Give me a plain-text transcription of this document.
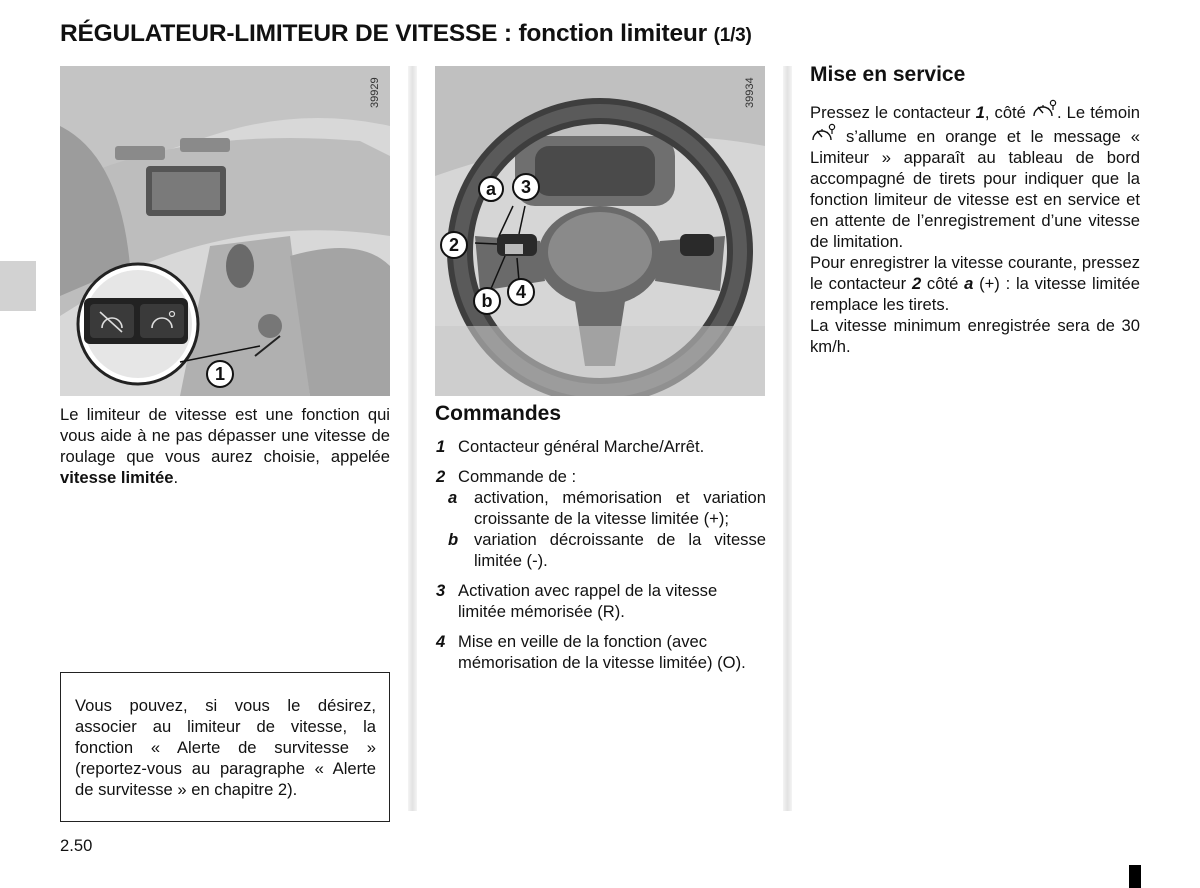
RÉGULATEUR-LIMITEUR DE VITESSE : fonction limiteur (1/3)
39929
1
39934
a	3
2
b	4
Le limiteur de vitesse est une fonction qui vous aide à ne pas dépasser une vitesse de roulage que vous aurez choisie, appelée vitesse limitée.
Vous pouvez, si vous le désirez, associer au limiteur de vitesse, la fonction « Alerte de survitesse » (reportez-vous au paragraphe « Alerte de survitesse » en chapitre 2).
Commandes
1 Contacteur général Marche/Arrêt.
2 Commande de :
a	activation, mémorisation et variation croissante de la vitesse limitée (+);
b variation décroissante de la vitesse limitée (-).
3 Activation avec rappel de la vitesse limitée mémorisée (R).
4 Mise en veille de la fonction (avec mémorisation de la vitesse limitée) (O).
Mise en service
Pressez le contacteur 1, côté . Le témoin  s’allume en orange et le message « Limiteur » apparaît au tableau de bord accompagné de tirets pour indiquer que la fonction limiteur de vitesse est en service et en attente de l’enregistrement d’une vitesse de limitation.
Pour enregistrer la vitesse courante, pressez le contacteur 2 côté a (+) : la vitesse limitée remplace les tirets.
La vitesse minimum enregistrée sera de 30 km/h.
2.50
